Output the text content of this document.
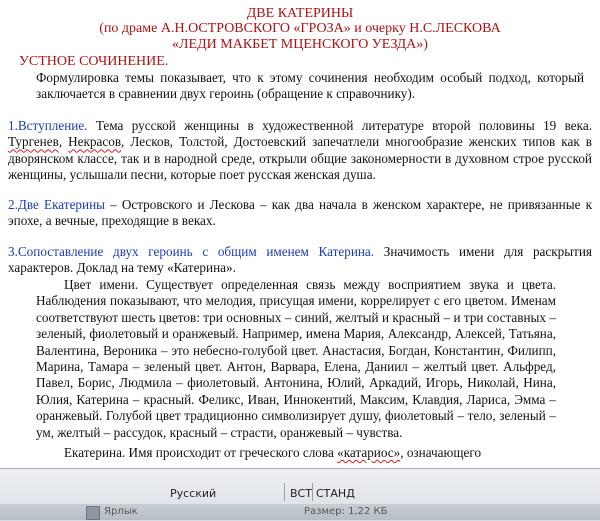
ДВЕ КАТЕРИНЫ
(по драме А.Н.ОСТРОВСКОГО «ГРОЗА» и очерку Н.С.ЛЕСКОВА
«ЛЕДИ МАКБЕТ МЦЕНСКОГО УЕЗДА»)
УСТНОЕ СОЧИНЕНИЕ.
Формулировка темы показывает, что к этому сочинения необходим особый подход, который заключается в сравнении двух героинь (обращение к справочнику).
1.Вступление. Тема русской женщины в художественной литературе второй половины 19 века. Тургенев, Некрасов, Лесков, Толстой, Достоевский запечатлели многообразие женских типов как в дворянском классе, так и в народной среде, открыли общие закономерности в духовном строе русской женщины, услышали песни, которые поет русская женская душа.
2.Две Екатерины – Островского и Лескова – как два начала в женском характере, не привязанные к эпохе, а вечные, преходящие в веках.
3.Сопоставление двух героинь с общим именем Катерина. Значимость имени для раскрытия характеров. Доклад на тему «Катерина».
Цвет имени. Существует определенная связь между восприятием звука и цвета. Наблюдения показывают, что мелодия, присущая имени, коррелирует с его цветом. Именам соответствуют шесть цветов: три основных – синий, желтый и красный – и три составных – зеленый, фиолетовый и оранжевый. Например, имена Мария, Александр, Алексей, Татьяна, Валентина, Вероника – это небесно-голубой цвет. Анастасия, Богдан, Константин, Филипп, Марина, Тамара – зеленый цвет. Антон, Варвара, Елена, Даниил – желтый цвет. Альфред, Павел, Борис, Людмила – фиолетовый. Антонина, Юлий, Аркадий, Игорь, Николай, Нина, Юлия, Катерина – красный. Феликс, Иван, Иннокентий, Максим, Клавдия, Лариса, Эмма – оранжевый. Голубой цвет традиционно символизирует душу, фиолетовый – тело, зеленый – ум, желтый – рассудок, красный – страсти, оранжевый – чувства.
Екатерина. Имя происходит от греческого слова «катариос», означающего
Русский	ВСТ СТАНД
Ярлык	Размер: 1,22 КБ
